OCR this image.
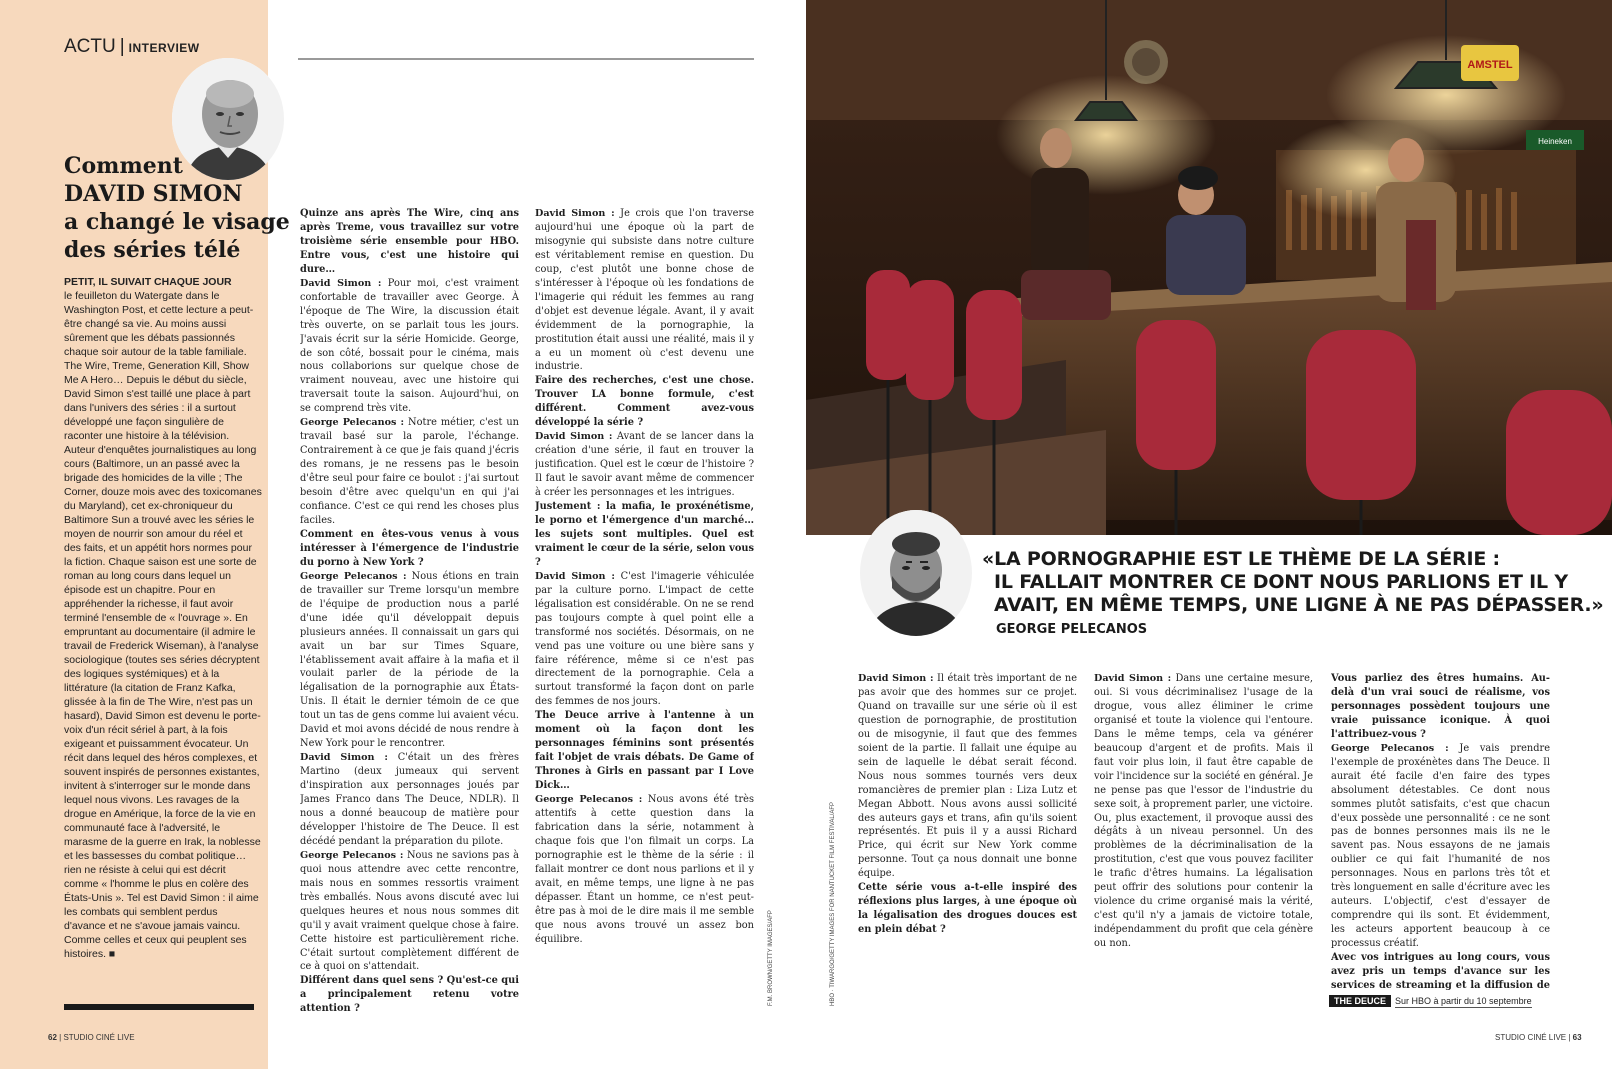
ACTU | INTERVIEW
Comment
DAVID SIMON
a changé le visage
des séries télé
PETIT, IL SUIVAIT CHAQUE JOUR

le feuilleton du Watergate dans le Washington Post, et cette lecture a peut-être changé sa vie. Au moins aussi sûrement que les débats passionnés chaque soir autour de la table familiale. The Wire, Treme, Generation Kill, Show Me A Hero… Depuis le début du siècle, David Simon s'est taillé une place à part dans l'univers des séries : il a surtout développé une façon singulière de raconter une histoire à la télévision. Auteur d'enquêtes journalistiques au long cours (Baltimore, un an passé avec la brigade des homicides de la ville ; The Corner, douze mois avec des toxicomanes du Maryland), cet ex-chroniqueur du Baltimore Sun a trouvé avec les séries le moyen de nourrir son amour du réel et des faits, et un appétit hors normes pour la fiction. Chaque saison est une sorte de roman au long cours dans lequel un épisode est un chapitre. Pour en appréhender la richesse, il faut avoir terminé l'ensemble de « l'ouvrage ». En empruntant au documentaire (il admire le travail de Frederick Wiseman), à l'analyse sociologique (toutes ses séries décryptent des logiques systémiques) et à la littérature (la citation de Franz Kafka, glissée à la fin de The Wire, n'est pas un hasard), David Simon est devenu le porte-voix d'un récit sériel à part, à la fois exigeant et puissamment évocateur. Un récit dans lequel des héros complexes, et souvent inspirés de personnes existantes, invitent à s'interroger sur le monde dans lequel nous vivons. Les ravages de la drogue en Amérique, la force de la vie en communauté face à l'adversité, le marasme de la guerre en Irak, la noblesse et les bassesses du combat politique… rien ne résiste à celui qui est décrit comme « l'homme le plus en colère des États-Unis ». Tel est David Simon : il aime les combats qui semblent perdus d'avance et ne s'avoue jamais vaincu. Comme celles et ceux qui peuplent ses histoires. ■

62 | STUDIO CINÉ LIVE

Quinze ans après The Wire, cinq ans après Treme, vous travaillez sur votre troisième série ensemble pour HBO. Entre vous, c'est une histoire qui dure…

David Simon : Pour moi, c'est vraiment confortable de travailler avec George. À l'époque de The Wire, la discussion était très ouverte, on se parlait tous les jours. J'avais écrit sur la série Homicide. George, de son côté, bossait pour le cinéma, mais nous collaborions sur quelque chose de vraiment nouveau, avec une histoire qui traversait toute la saison. Aujourd'hui, on se comprend très vite.

George Pelecanos : Notre métier, c'est un travail basé sur la parole, l'échange. Contrairement à ce que je fais quand j'écris des romans, je ne ressens pas le besoin d'être seul pour faire ce boulot : j'ai surtout besoin d'être avec quelqu'un en qui j'ai confiance. C'est ce qui rend les choses plus faciles.

Comment en êtes-vous venus à vous intéresser à l'émergence de l'industrie du porno à New York ?

George Pelecanos : Nous étions en train de travailler sur Treme lorsqu'un membre de l'équipe de production nous a parlé d'une idée qu'il développait depuis plusieurs années. Il connaissait un gars qui avait un bar sur Times Square, l'établissement avait affaire à la mafia et il voulait parler de la période de la légalisation de la pornographie aux États-Unis. Il était le dernier témoin de ce que tout un tas de gens comme lui avaient vécu. David et moi avons décidé de nous rendre à New York pour le rencontrer.

David Simon : C'était un des frères Martino (deux jumeaux qui servent d'inspiration aux personnages joués par James Franco dans The Deuce, NDLR). Il nous a donné beaucoup de matière pour développer l'histoire de The Deuce. Il est décédé pendant la préparation du pilote.

George Pelecanos : Nous ne savions pas à quoi nous attendre avec cette rencontre, mais nous en sommes ressortis vraiment très emballés. Nous avons discuté avec lui quelques heures et nous nous sommes dit qu'il y avait vraiment quelque chose à faire. Cette histoire est particulièrement riche. C'était surtout complètement différent de ce à quoi on s'attendait.

Différent dans quel sens ? Qu'est-ce qui a principalement retenu votre attention ?

David Simon : Je crois que l'on traverse aujourd'hui une époque où la part de misogynie qui subsiste dans notre culture est véritablement remise en question. Du coup, c'est plutôt une bonne chose de s'intéresser à l'époque où les fondations de l'imagerie qui réduit les femmes au rang d'objet est devenue légale. Avant, il y avait évidemment de la pornographie, la prostitution était aussi une réalité, mais il y a eu un moment où c'est devenu une industrie.

Faire des recherches, c'est une chose. Trouver LA bonne formule, c'est différent. Comment avez-vous développé la série ?

David Simon : Avant de se lancer dans la création d'une série, il faut en trouver la justification. Quel est le cœur de l'histoire ? Il faut le savoir avant même de commencer à créer les personnages et les intrigues.

Justement : la mafia, le proxénétisme, le porno et l'émergence d'un marché… les sujets sont multiples. Quel est vraiment le cœur de la série, selon vous ?

David Simon : C'est l'imagerie véhiculée par la culture porno. L'impact de cette légalisation est considérable. On ne se rend pas toujours compte à quel point elle a transformé nos sociétés. Désormais, on ne vend pas une voiture ou une bière sans y faire référence, même si ce n'est pas directement de la pornographie. Cela a surtout transformé la façon dont on parle des femmes de nos jours.

The Deuce arrive à l'antenne à un moment où la façon dont les personnages féminins sont présentés fait l'objet de vrais débats. De Game of Thrones à Girls en passant par I Love Dick…

George Pelecanos : Nous avons été très attentifs à cette question dans la fabrication dans la série, notamment à chaque fois que l'on filmait un corps. La pornographie est le thème de la série : il fallait montrer ce dont nous parlions et il y avait, en même temps, une ligne à ne pas dépasser. Étant un homme, ce n'est peut-être pas à moi de le dire mais il me semble que nous avons trouvé un assez bon équilibre.

David Simon : Il était très important de ne pas avoir que des hommes sur ce projet. Quand on travaille sur une série où il est question de pornographie, de prostitution ou de misogynie, il faut que des femmes soient de la partie. Il fallait une équipe au sein de laquelle le débat serait fécond. Nous nous sommes tournés vers deux romancières de premier plan : Liza Lutz et Megan Abbott. Nous avons aussi sollicité des auteurs gays et trans, afin qu'ils soient représentés. Et puis il y a aussi Richard Price, qui écrit sur New York comme personne. Tout ça nous donnait une bonne équipe.

Cette série vous a-t-elle inspiré des réflexions plus larges, à une époque où la légalisation des drogues douces est en plein débat ?

David Simon : Dans une certaine mesure, oui. Si vous décriminalisez l'usage de la drogue, vous allez éliminer le crime organisé et toute la violence qui l'entoure. Dans le même temps, cela va générer beaucoup d'argent et de profits. Mais il faut voir plus loin, il faut être capable de voir l'incidence sur la société en général. Je ne pense pas que l'essor de l'industrie du sexe soit, à proprement parler, une victoire. Ou, plus exactement, il provoque aussi des dégâts à un niveau personnel. Un des problèmes de la décriminalisation de la prostitution, c'est que vous pouvez faciliter le trafic d'êtres humains. La légalisation peut offrir des solutions pour contenir la violence du crime organisé mais la vérité, c'est qu'il n'y a jamais de victoire totale, indépendamment du profit que cela génère ou non.

Vous parliez des êtres humains. Au-delà d'un vrai souci de réalisme, vos personnages possèdent toujours une vraie puissance iconique. À quoi l'attribuez-vous ?

George Pelecanos : Je vais prendre l'exemple de proxénètes dans The Deuce. Il aurait été facile d'en faire des types absolument détestables. Ce dont nous sommes plutôt satisfaits, c'est que chacun d'eux possède une personnalité : ce ne sont pas de bonnes personnes mais ils ne le savent pas. Nous essayons de ne jamais oublier ce qui fait l'humanité de nos personnages. Nous en parlons très tôt et très longuement en salle d'écriture avec les auteurs. L'objectif, c'est d'essayer de comprendre qui ils sont. Et évidemment, les acteurs apportent beaucoup à ce processus créatif.

Avec vos intrigues au long cours, vous avez pris un temps d'avance sur les services de streaming et la diffusion de

F.M. BROWN/GETTY IMAGES/AFP	HBO · TIWARGO/GETTY IMAGES FOR NANTUCKET FILM FESTIVAL/AFP
AMSTEL
Heineken
«LA PORNOGRAPHIE EST LE THÈME DE LA SÉRIE :
IL FALLAIT MONTRER CE DONT NOUS PARLIONS ET IL Y
AVAIT, EN MÊME TEMPS, UNE LIGNE À NE PAS DÉPASSER.»
GEORGE PELECANOS
THE DEUCE Sur HBO à partir du 10 septembre
STUDIO CINÉ LIVE | 63
